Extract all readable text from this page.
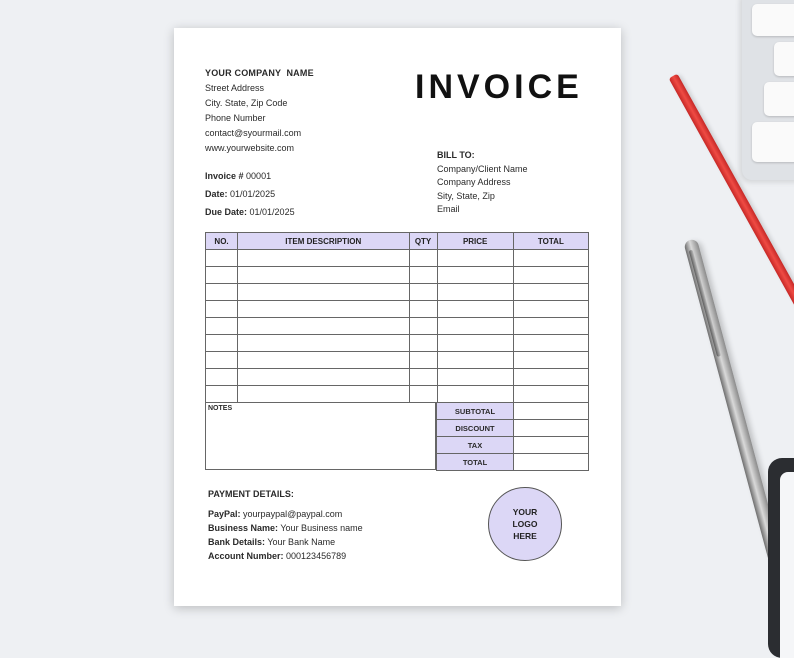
YOUR COMPANY  NAME
Street Address
City. State, Zip Code
Phone Number
contact@syourmail.com
www.yourwebsite.com
INVOICE
Invoice # 00001
Date: 01/01/2025
Due Date: 01/01/2025
BILL TO:
Company/Client Name
Company Address
Sity, State, Zip
Email
NO.	ITEM DESCRIPTION	QTY	PRICE	TOTAL

NOTES	SUBTOTAL	
DISCOUNT	
TAX	
TOTAL	
PAYMENT DETAILS:
PayPal: yourpaypal@paypal.com
Business Name: Your Business name
Bank Details: Your Bank Name
Account Number: 000123456789
YOUR LOGO HERE
